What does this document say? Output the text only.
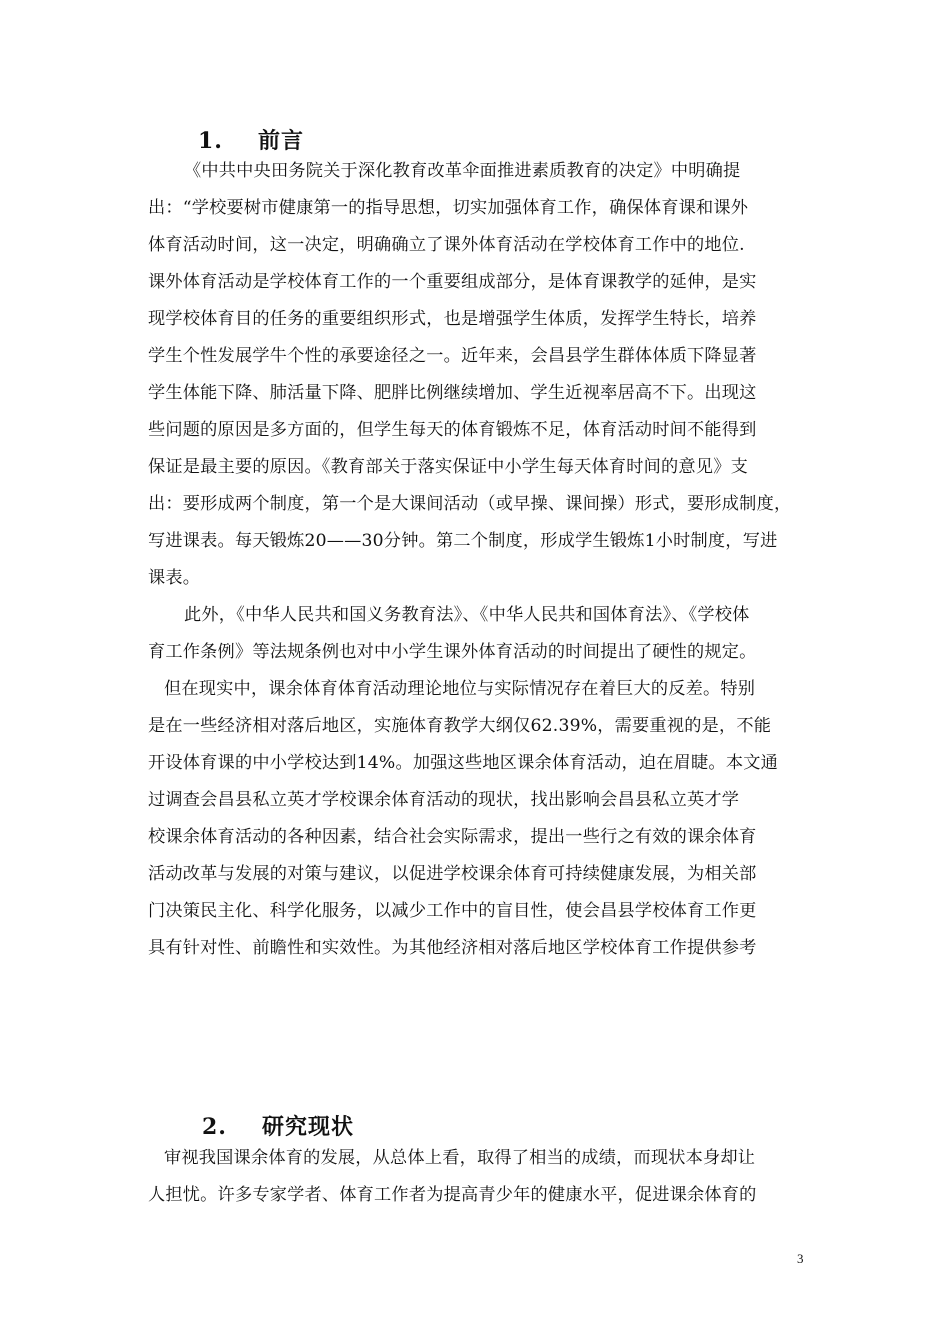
1. 前言
《中共中央田务院关于深化教育改革伞面推进素质教育的决定》中明确提
出：“学校要树市健康第一的指导思想，切实加强体育工作，确保体育课和课外
体育活动时间，这一决定，明确确立了课外体育活动在学校体育工作中的地位.
课外体育活动是学校体育工作的一个重要组成部分，是体育课教学的延伸，是实
现学校体育目的任务的重要组织形式，也是增强学生体质，发挥学生特长，培养
学生个性发展学牛个性的承要途径之一。近年来，会昌县学生群体体质下降显著
学生体能下降、肺活量下降、肥胖比例继续增加、学生近视率居高不下。出现这
些问题的原因是多方面的，但学生每天的体育锻炼不足，体育活动时间不能得到
保证是最主要的原因。《教育部关于落实保证中小学生每天体育时间的意见》支
出：要形成两个制度，第一个是大课间活动（或早操、课间操）形式，要形成制度，
写进课表。每天锻炼20——30分钟。第二个制度，形成学生锻炼1小时制度，写进
课表。
此外，《中华人民共和国义务教育法》、《中华人民共和国体育法》、《学校体
育工作条例》等法规条例也对中小学生课外体育活动的时间提出了硬性的规定。
但在现实中，课余体育体育活动理论地位与实际情况存在着巨大的反差。特别
是在一些经济相对落后地区，实施体育教学大纲仅62.39%，需要重视的是，不能
开设体育课的中小学校达到14%。加强这些地区课余体育活动，迫在眉睫。本文通
过调查会昌县私立英才学校课余体育活动的现状，找出影响会昌县私立英才学
校课余体育活动的各种因素，结合社会实际需求，提出一些行之有效的课余体育
活动改革与发展的对策与建议，以促进学校课余体育可持续健康发展，为相关部
门决策民主化、科学化服务，以减少工作中的盲目性，使会昌县学校体育工作更
具有针对性、前瞻性和实效性。为其他经济相对落后地区学校体育工作提供参考
2. 研究现状
审视我国课余体育的发展，从总体上看，取得了相当的成绩，而现状本身却让
人担忧。许多专家学者、体育工作者为提高青少年的健康水平，促进课余体育的
3
